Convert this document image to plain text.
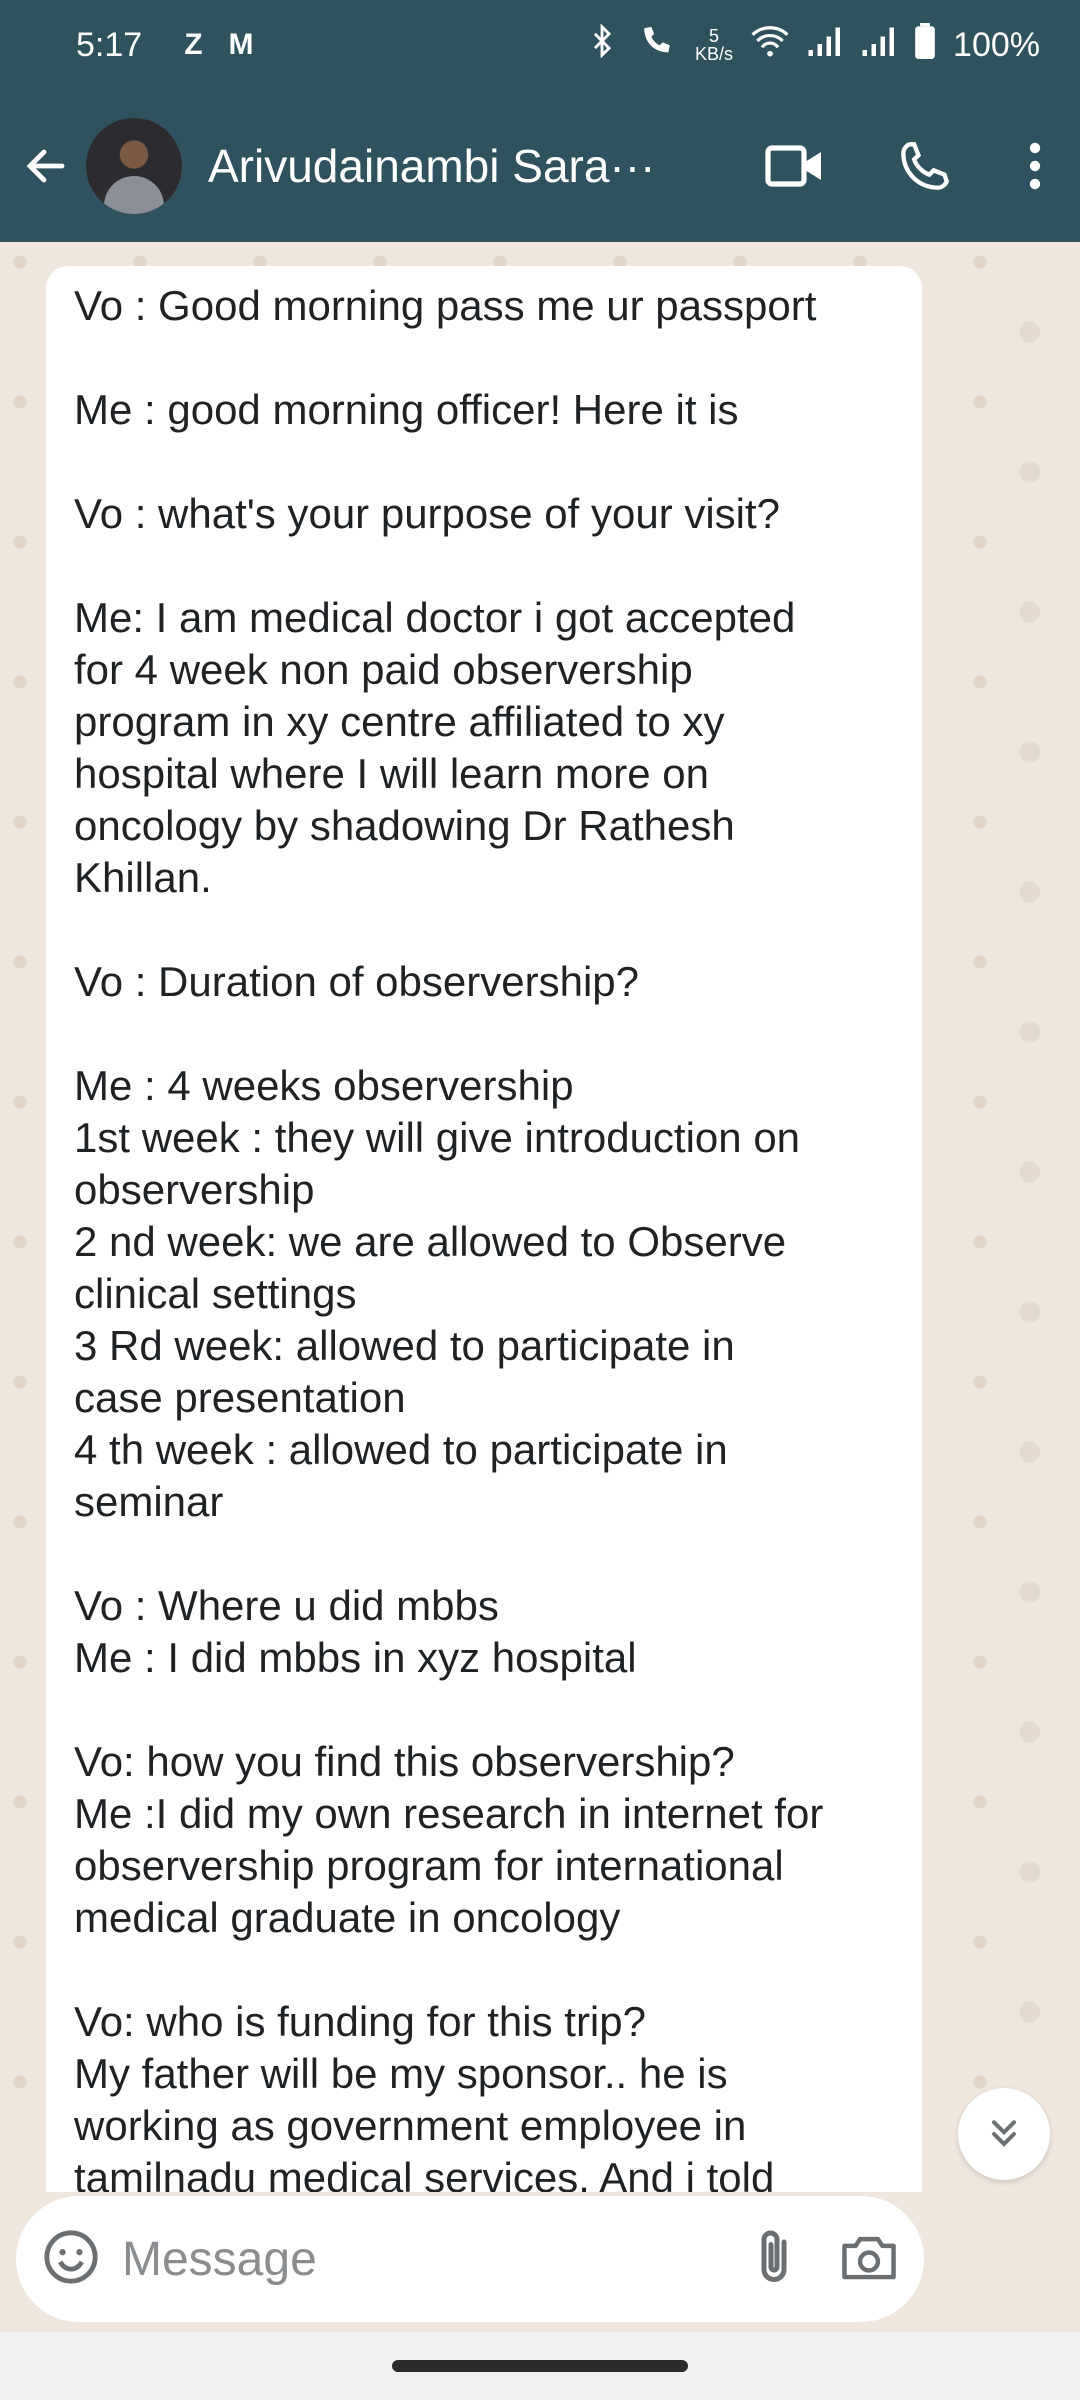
5:17 Z M	5
KB/s	100%
Arivudainambi Sara···
Vo : Good morning pass me ur passport
Me : good morning officer! Here it is
Vo : what's your purpose of your visit?
Me: I am medical doctor i got accepted
for 4 week non paid observership
program in xy centre affiliated to xy
hospital where I will learn more on
oncology by shadowing Dr Rathesh
Khillan.
Vo : Duration of observership?
Me : 4 weeks observership
1st week : they will give introduction on
observership
2 nd week: we are allowed to Observe
clinical settings
3 Rd week: allowed to participate in
case presentation
4 th week : allowed to participate in
seminar
Vo : Where u did mbbs
Me : I did mbbs in xyz hospital
Vo: how you find this observership?
Me :I did my own research in internet for
observership program for international
medical graduate in oncology
Vo: who is funding for this trip?
My father will be my sponsor.. he is
working as government employee in
tamilnadu medical services. And i told
Message
